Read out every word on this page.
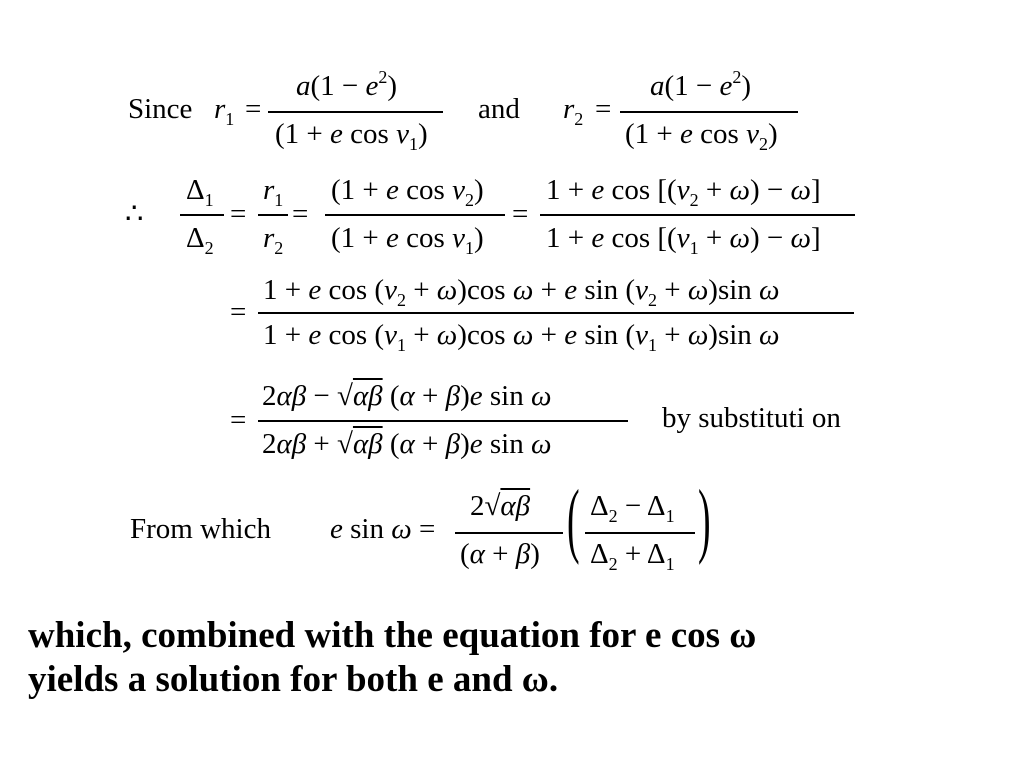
Since $r_1$ =
$a(1 - e^2)$
(1 + e $\cos \nu_1$)
and $r_2$ =
$a(1 - e^2)$
(1 + e $\cos \nu_2$)
∴
$\Delta_1$
$\Delta_2$
=
$r_1$
$r_2$
=
(1 + e $\cos \nu_2$)
(1 + e $\cos \nu_1$)
=
1 + e $\cos [(\nu_2 + \omega) - \omega]$
1 + e $\cos [(\nu_1 + \omega) - \omega]$
=
1 + e $\cos (\nu_2 + \omega)\cos$ ω + e $\sin (\nu_2 + \omega)\sin$ ω
1 + e $\cos (\nu_1 + \omega)\cos$ ω + e $\sin (\nu_1 + \omega)\sin$ ω
=
2αβ − √αβ (α + β)e sin ω
2αβ + √αβ (α + β)e sin ω
by substituti on
From which e sin ω =
2√αβ
(α + β) ( $\Delta_2 - \Delta_1$
$\Delta_2 + \Delta_1$ )
which, combined with the equation for e cos ω
yields a solution for both e and ω.
